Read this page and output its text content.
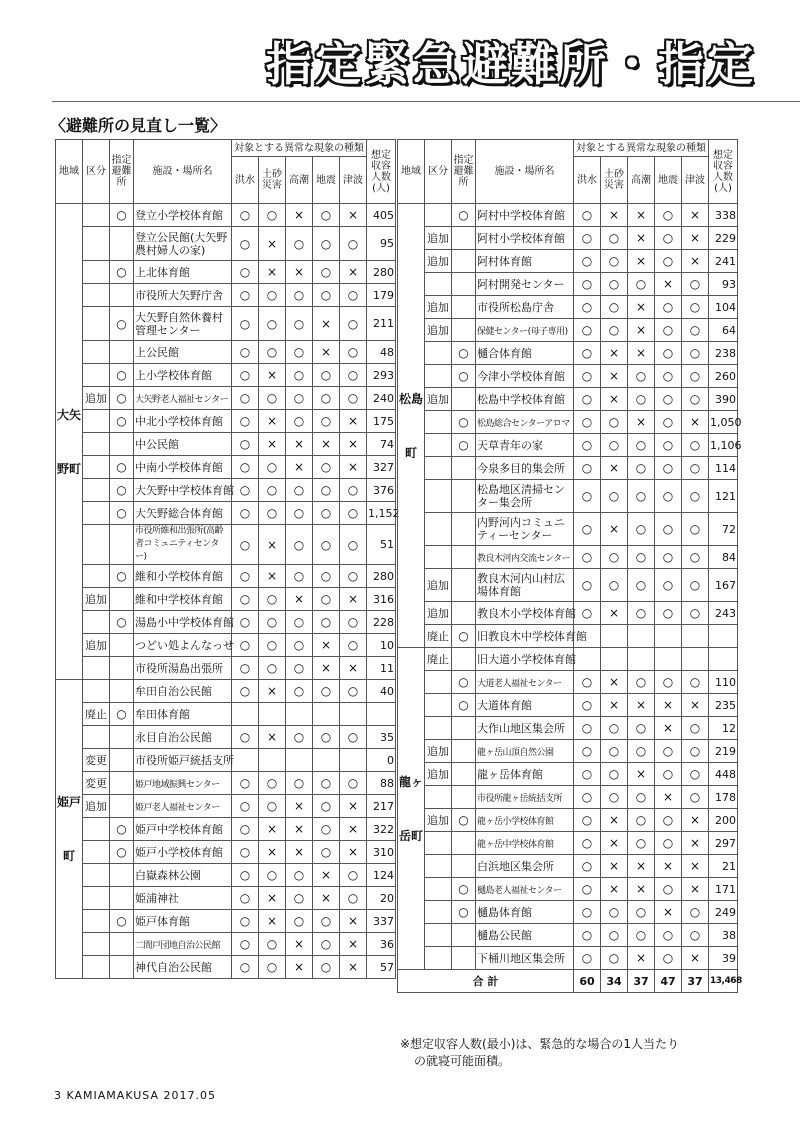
指定緊急避難所・指定
〈避難所の見直し一覧〉
地域	区分	指定避難所	施設・場所名	対象とする異常な現象の種類					想定収容人数(人)
				洪水	土砂災害	高潮	地震	津波	
大矢野町		○	登立小学校体育館	○	○	×	○	×	405
			登立公民館(大矢野農村婦人の家)	○	×	○	○	○	95
		○	上北体育館	○	×	×	○	×	280
			市役所大矢野庁舎	○	○	○	○	○	179
		○	大矢野自然休養村管理センター	○	○	○	×	○	211
			上公民館	○	○	○	×	○	48
		○	上小学校体育館	○	×	○	○	○	293
	追加	○	大矢野老人福祉センター	○	○	○	○	○	240
		○	中北小学校体育館	○	×	○	○	×	175
			中公民館	○	×	×	×	×	74
		○	中南小学校体育館	○	○	×	○	×	327
		○	大矢野中学校体育館	○	○	○	○	○	376
		○	大矢野総合体育館	○	○	○	○	○	1,152
			市役所維和出張所(高齢者コミュニティセンター)	○	×	○	○	○	51
		○	維和小学校体育館	○	×	○	○	○	280
	追加		維和中学校体育館	○	○	×	○	×	316
		○	湯島小中学校体育館	○	○	○	○	○	228
	追加		つどい処よんなっせ	○	○	○	×	○	10
			市役所湯島出張所	○	○	○	×	×	11
姫戸町			牟田自治公民館	○	×	○	○	○	40
	廃止	○	牟田体育館						
			永目自治公民館	○	×	○	○	○	35
	変更		市役所姫戸統括支所						0
	変更		姫戸地域振興センター	○	○	○	○	○	88
	追加		姫戸老人福祉センター	○	○	×	○	×	217
		○	姫戸中学校体育館	○	×	×	○	×	322
		○	姫戸小学校体育館	○	×	×	○	×	310
			白嶽森林公園	○	○	○	×	○	124
			姫浦神社	○	×	○	×	○	20
		○	姫戸体育館	○	×	○	○	×	337
			二間戸団地自治公民館	○	○	×	○	×	36
			神代自治公民館	○	○	×	○	×	57
地域	区分	指定避難所	施設・場所名	対象とする異常な現象の種類					想定収容人数(人)
				洪水	土砂災害	高潮	地震	津波	
松島町		○	阿村中学校体育館	○	×	×	○	×	338
	追加		阿村小学校体育館	○	○	×	○	×	229
	追加		阿村体育館	○	○	×	○	×	241
			阿村開発センター	○	○	○	×	○	93
	追加		市役所松島庁舎	○	○	×	○	○	104
	追加		保健センター(母子専用)	○	○	×	○	○	64
		○	樋合体育館	○	×	×	○	○	238
		○	今津小学校体育館	○	×	○	○	○	260
	追加		松島中学校体育館	○	×	○	○	○	390
		○	松島総合センターアロマ	○	○	×	○	×	1,050
		○	天草青年の家	○	○	○	○	○	1,106
			今泉多目的集会所	○	×	○	○	○	114
			松島地区清掃センター集会所	○	○	○	○	○	121
			内野河内コミュニティーセンター	○	×	○	○	○	72
			教良木河内交流センター	○	○	○	○	○	84
	追加		教良木河内山村広場体育館	○	○	○	○	○	167
	追加		教良木小学校体育館	○	×	○	○	○	243
	廃止	○	旧教良木中学校体育館						
龍ヶ岳町	廃止		旧大道小学校体育館						
		○	大道老人福祉センター	○	×	○	○	○	110
		○	大道体育館	○	×	×	×	×	235
			大作山地区集会所	○	○	○	×	○	12
	追加		龍ヶ岳山頂自然公園	○	○	○	○	○	219
	追加		龍ヶ岳体育館	○	○	×	○	○	448
			市役所龍ヶ岳統括支所	○	○	○	×	○	178
	追加	○	龍ヶ岳小学校体育館	○	×	○	○	×	200
			龍ヶ岳中学校体育館	○	×	○	○	×	297
			白浜地区集会所	○	×	×	×	×	21
		○	樋島老人福祉センター	○	×	×	○	×	171
		○	樋島体育館	○	○	○	×	○	249
			樋島公民館	○	○	○	○	○	38
			下桶川地区集会所	○	○	×	○	×	39
合 計				60	34	37	47	37	13,468
※想定収容人数(最小)は、緊急的な場合の1人当たり
の就寝可能面積。
3 KAMIAMAKUSA 2017.05
